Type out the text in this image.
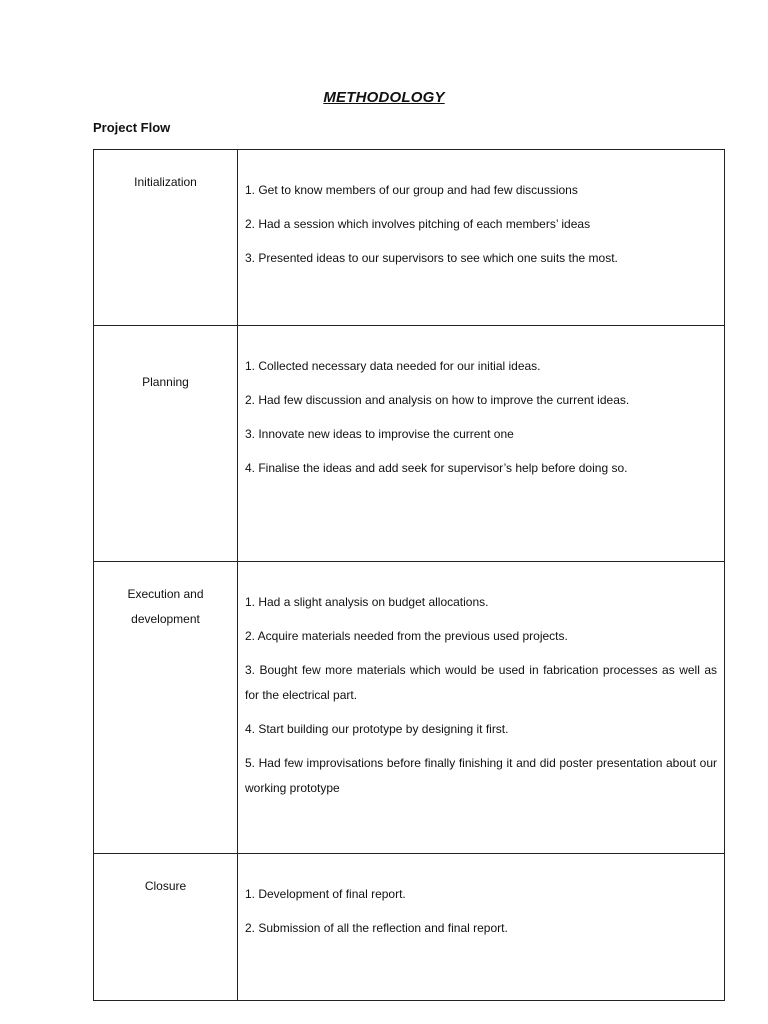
METHODOLOGY
Project Flow
Initialization	1. Get to know members of our group and had few discussions
2. Had a session which involves pitching of each members’ ideas
3. Presented ideas to our supervisors to see which one suits the most.

Planning	1. Collected necessary data needed for our initial ideas.
2. Had few discussion and analysis on how to improve the current ideas.
3. Innovate new ideas to improvise the current one
4. Finalise the ideas and add seek for supervisor’s help before doing so.

Execution and development	1. Had a slight analysis on budget allocations.
2. Acquire materials needed from the previous used projects.
3. Bought few more materials which would be used in fabrication processes as well as for the electrical part.
4. Start building our prototype by designing it first.
5. Had few improvisations before finally finishing it and did poster presentation about our working prototype

Closure	1. Development of final report.
2. Submission of all the reflection and final report.
